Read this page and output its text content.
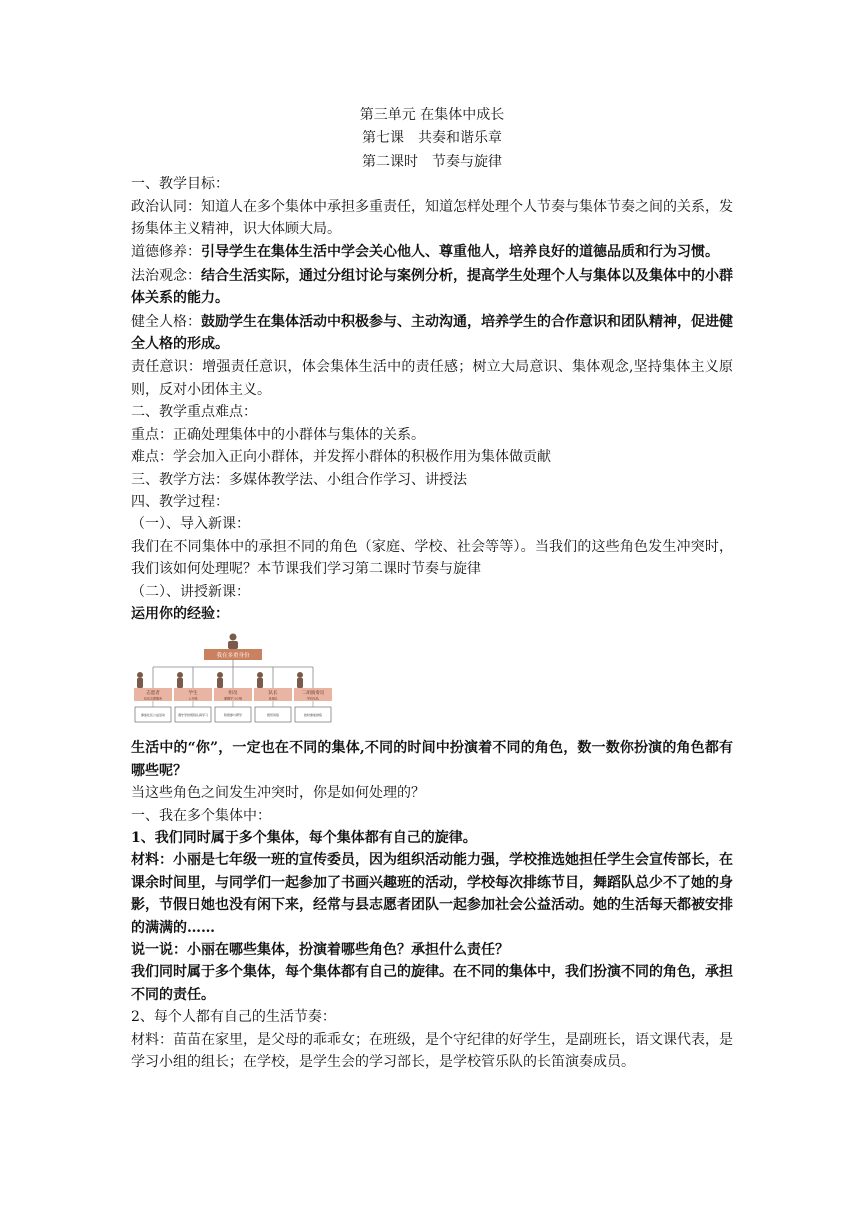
第三单元 在集体中成长

第七课　共奏和谐乐章

第二课时　节奏与旋律

一、教学目标：

政治认同：知道人在多个集体中承担多重责任，知道怎样处理个人节奏与集体节奏之间的关系，发扬集体主义精神，识大体顾大局。

道德修养：引导学生在集体生活中学会关心他人、尊重他人，培养良好的道德品质和行为习惯。

法治观念：结合生活实际，通过分组讨论与案例分析，提高学生处理个人与集体以及集体中的小群体关系的能力。

健全人格：鼓励学生在集体活动中积极参与、主动沟通，培养学生的合作意识和团队精神，促进健全人格的形成。

责任意识：增强责任意识，体会集体生活中的责任感；树立大局意识、集体观念,坚持集体主义原则，反对小团体主义。

二、教学重点难点：

重点：正确处理集体中的小群体与集体的关系。

难点：学会加入正向小群体，并发挥小群体的积极作用为集体做贡献

三、教学方法：多媒体教学法、小组合作学习、讲授法

四、教学过程：

（一）、导入新课：

我们在不同集体中的承担不同的角色（家庭、学校、社会等等）。当我们的这些角色发生冲突时，我们该如何处理呢？本节课我们学习第二课时节奏与旋律

（二）、讲授新课：

运用你的经验：

我在多重身份
志愿者
社区志愿服务
参加社区公益活动
学生
七年级
遵守学校规则认真学习
组员
课题学习小组
积极参与研学
队长
足球队
组织训练
二胡演奏员
学校乐队
按时参加排练

生活中的“你”，一定也在不同的集体,不同的时间中扮演着不同的角色，数一数你扮演的角色都有哪些呢？

当这些角色之间发生冲突时，你是如何处理的？

一、我在多个集体中：

1、我们同时属于多个集体，每个集体都有自己的旋律。

材料：小丽是七年级一班的宣传委员，因为组织活动能力强，学校推选她担任学生会宣传部长，在课余时间里，与同学们一起参加了书画兴趣班的活动，学校每次排练节目，舞蹈队总少不了她的身影，节假日她也没有闲下来，经常与县志愿者团队一起参加社会公益活动。她的生活每天都被安排的满满的……

说一说：小丽在哪些集体，扮演着哪些角色？承担什么责任？

我们同时属于多个集体，每个集体都有自己的旋律。在不同的集体中，我们扮演不同的角色，承担不同的责任。

2、每个人都有自己的生活节奏：

材料：苗苗在家里，是父母的乖乖女；在班级，是个守纪律的好学生，是副班长，语文课代表，是学习小组的组长；在学校，是学生会的学习部长，是学校管乐队的长笛演奏成员。
